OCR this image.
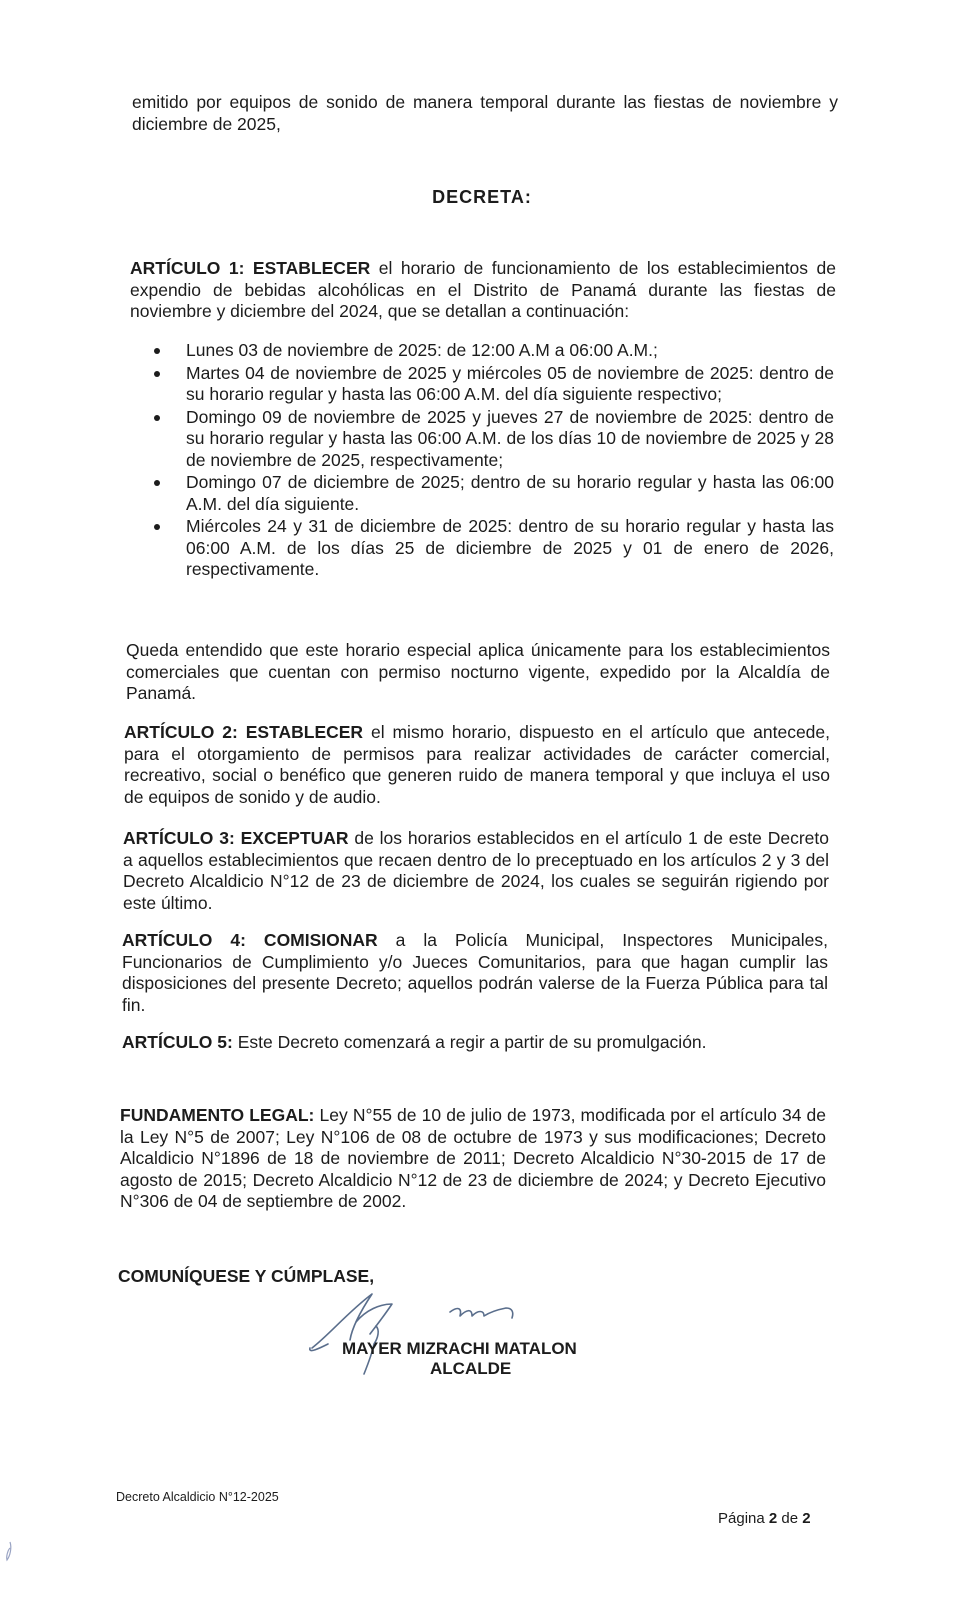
emitido por equipos de sonido de manera temporal durante las fiestas de noviembre y diciembre de 2025,
DECRETA:
ARTÍCULO 1: ESTABLECER el horario de funcionamiento de los establecimientos de expendio de bebidas alcohólicas en el Distrito de Panamá durante las fiestas de noviembre y diciembre del 2024, que se detallan a continuación:
Lunes 03 de noviembre de 2025: de 12:00 A.M a 06:00 A.M.;
Martes 04 de noviembre de 2025 y miércoles 05 de noviembre de 2025: dentro de su horario regular y hasta las 06:00 A.M. del día siguiente respectivo;
Domingo 09 de noviembre de 2025 y jueves 27 de noviembre de 2025: dentro de su horario regular y hasta las 06:00 A.M. de los días 10 de noviembre de 2025 y 28 de noviembre de 2025, respectivamente;
Domingo 07 de diciembre de 2025; dentro de su horario regular y hasta las 06:00 A.M. del día siguiente.
Miércoles 24 y 31 de diciembre de 2025: dentro de su horario regular y hasta las 06:00 A.M. de los días 25 de diciembre de 2025 y 01 de enero de 2026, respectivamente.
Queda entendido que este horario especial aplica únicamente para los establecimientos comerciales que cuentan con permiso nocturno vigente, expedido por la Alcaldía de Panamá.
ARTÍCULO 2: ESTABLECER el mismo horario, dispuesto en el artículo que antecede, para el otorgamiento de permisos para realizar actividades de carácter comercial, recreativo, social o benéfico que generen ruido de manera temporal y que incluya el uso de equipos de sonido y de audio.
ARTÍCULO 3: EXCEPTUAR de los horarios establecidos en el artículo 1 de este Decreto a aquellos establecimientos que recaen dentro de lo preceptuado en los artículos 2 y 3 del Decreto Alcaldicio N°12 de 23 de diciembre de 2024, los cuales se seguirán rigiendo por este último.
ARTÍCULO 4: COMISIONAR a la Policía Municipal, Inspectores Municipales, Funcionarios de Cumplimiento y/o Jueces Comunitarios, para que hagan cumplir las disposiciones del presente Decreto; aquellos podrán valerse de la Fuerza Pública para tal fin.
ARTÍCULO 5: Este Decreto comenzará a regir a partir de su promulgación.
FUNDAMENTO LEGAL: Ley N°55 de 10 de julio de 1973, modificada por el artículo 34 de la Ley N°5 de 2007; Ley N°106 de 08 de octubre de 1973 y sus modificaciones; Decreto Alcaldicio N°1896 de 18 de noviembre de 2011; Decreto Alcaldicio N°30-2015 de 17 de agosto de 2015; Decreto Alcaldicio N°12 de 23 de diciembre de 2024; y Decreto Ejecutivo N°306 de 04 de septiembre de 2002.
COMUNÍQUESE Y CÚMPLASE,
MAYER MIZRACHI MATALON
ALCALDE
Decreto Alcaldicio N°12-2025
Página 2 de 2
